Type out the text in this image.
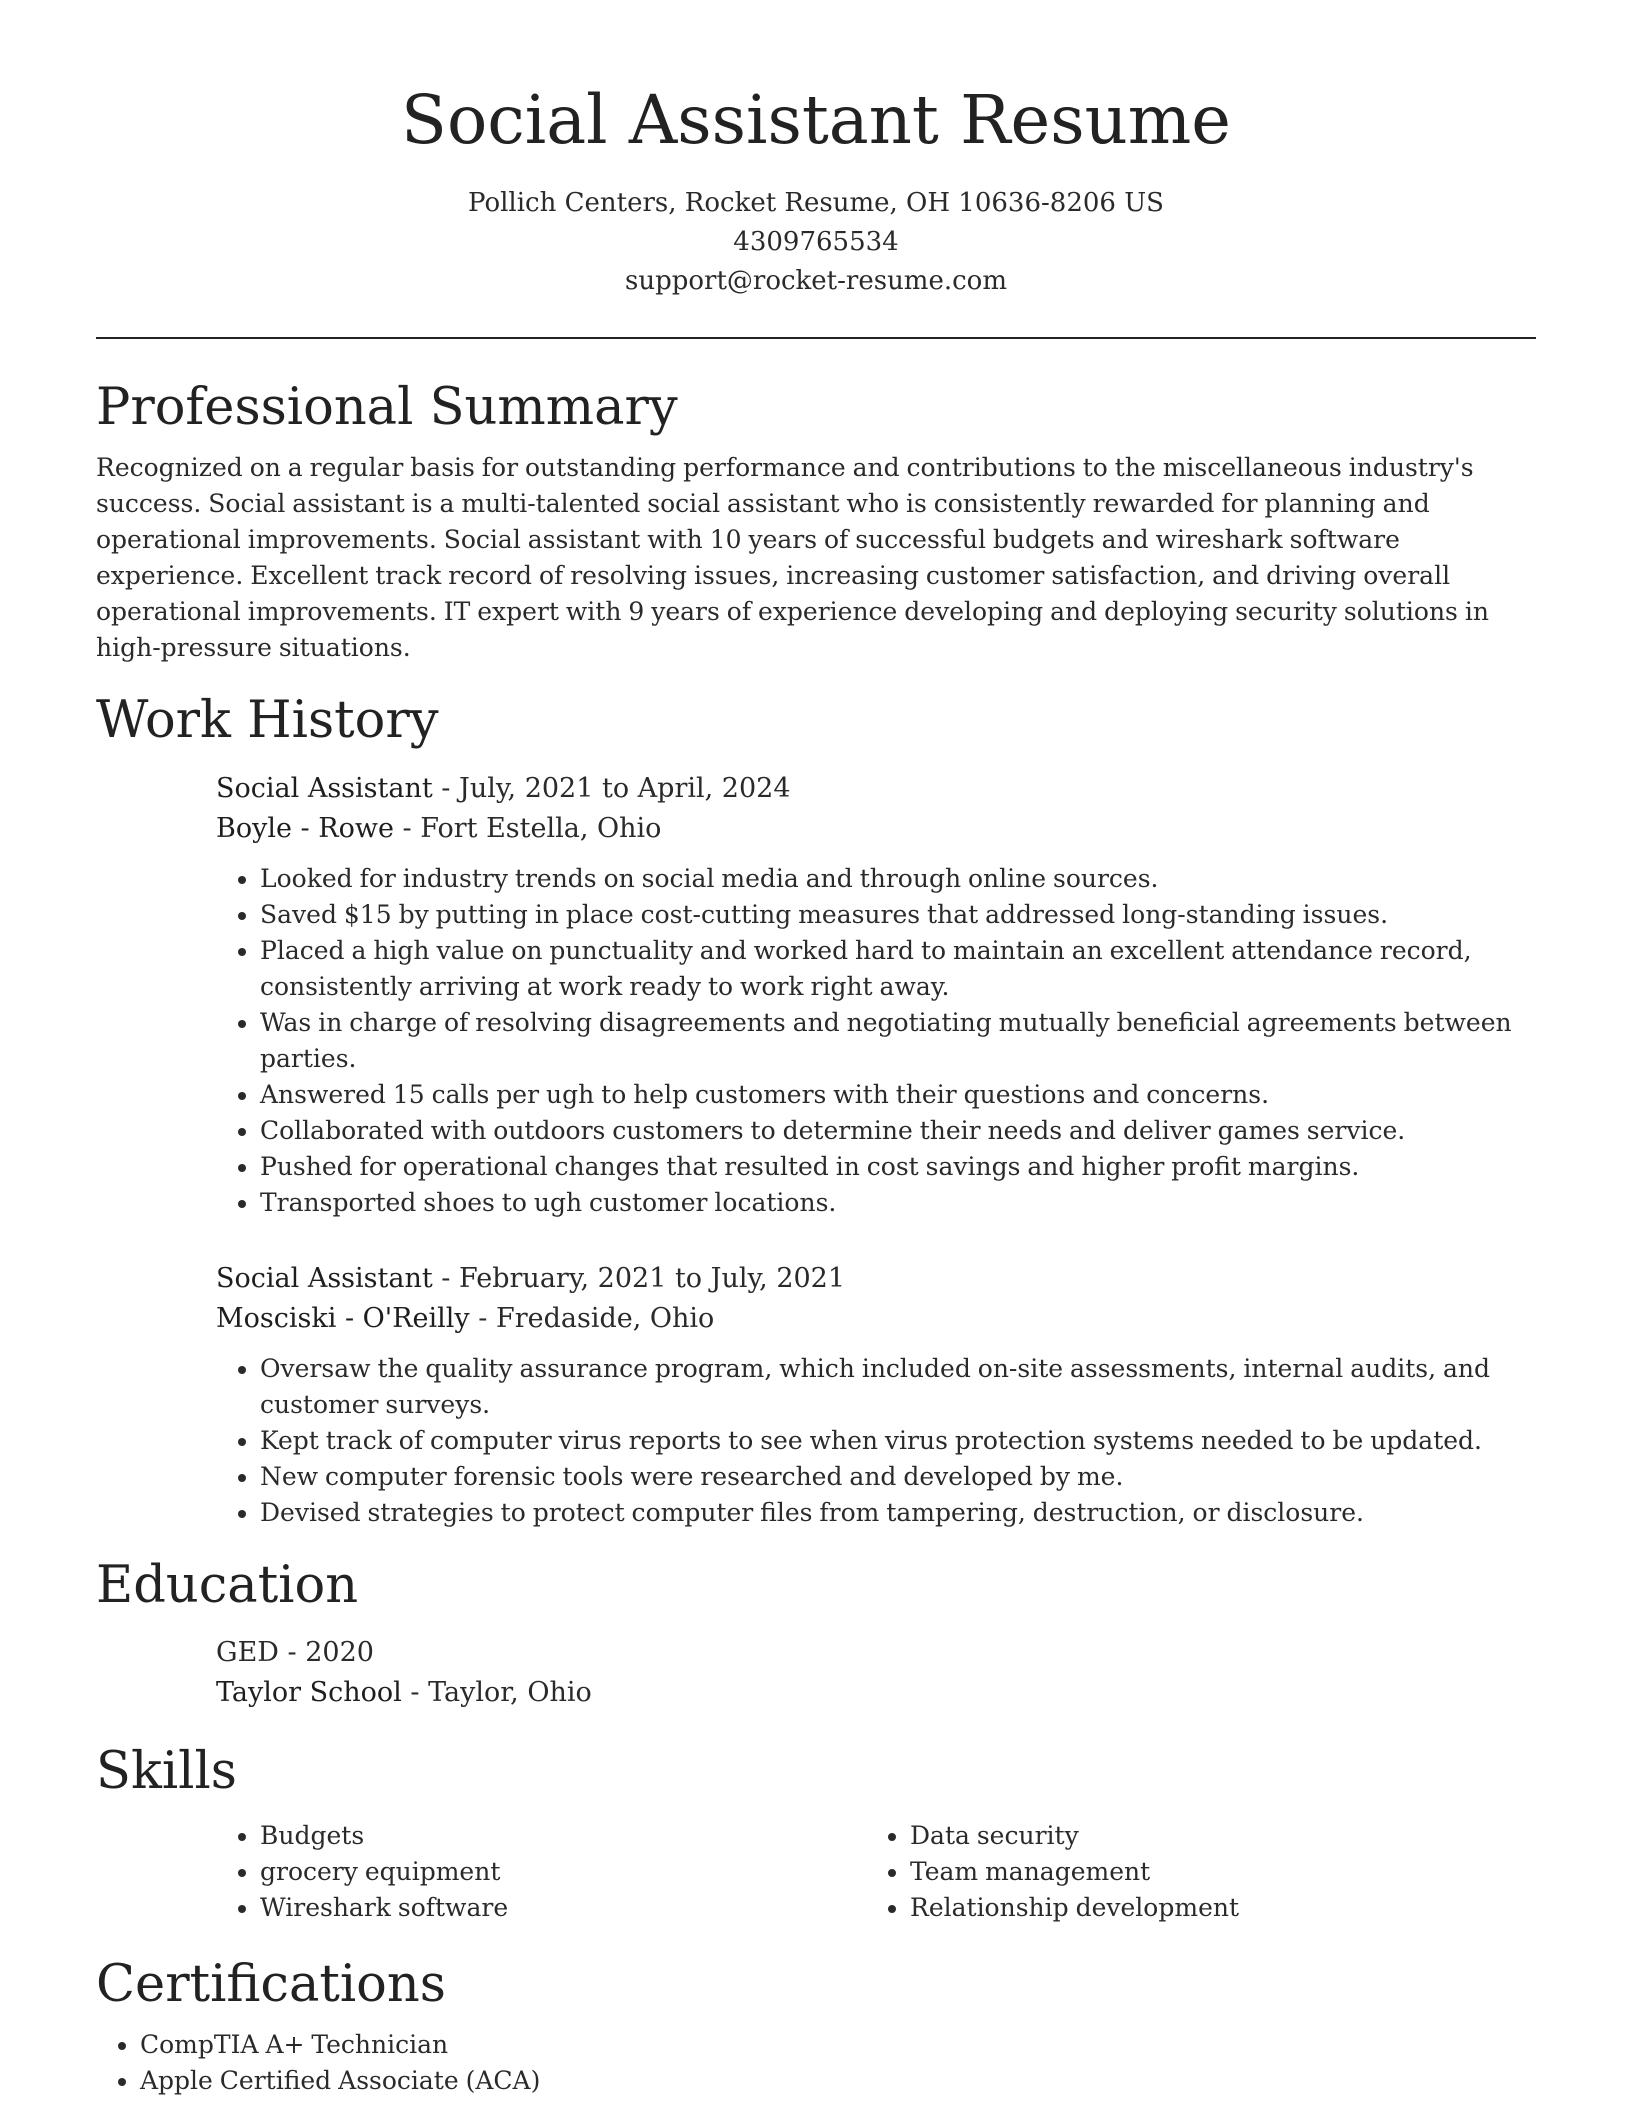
Social Assistant Resume
Pollich Centers, Rocket Resume, OH 10636-8206 US
4309765534
support@rocket-resume.com
Professional Summary

Recognized on a regular basis for outstanding performance and contributions to the miscellaneous industry's success. Social assistant is a multi-talented social assistant who is consistently rewarded for planning and operational improvements. Social assistant with 10 years of successful budgets and wireshark software experience. Excellent track record of resolving issues, increasing customer satisfaction, and driving overall operational improvements. IT expert with 9 years of experience developing and deploying security solutions in high-pressure situations.

Work History
Social Assistant - July, 2021 to April, 2024
Boyle - Rowe - Fort Estella, Ohio
• Looked for industry trends on social media and through online sources.
• Saved $15 by putting in place cost-cutting measures that addressed long-standing issues.
• Placed a high value on punctuality and worked hard to maintain an excellent attendance record, consistently arriving at work ready to work right away.
• Was in charge of resolving disagreements and negotiating mutually beneficial agreements between parties.
• Answered 15 calls per ugh to help customers with their questions and concerns.
• Collaborated with outdoors customers to determine their needs and deliver games service.
• Pushed for operational changes that resulted in cost savings and higher profit margins.
• Transported shoes to ugh customer locations.
Social Assistant - February, 2021 to July, 2021
Mosciski - O'Reilly - Fredaside, Ohio
• Oversaw the quality assurance program, which included on-site assessments, internal audits, and customer surveys.
• Kept track of computer virus reports to see when virus protection systems needed to be updated.
• New computer forensic tools were researched and developed by me.
• Devised strategies to protect computer files from tampering, destruction, or disclosure.
Education
GED - 2020
Taylor School - Taylor, Ohio
Skills
• Budgets
• grocery equipment
• Wireshark software
• Data security
• Team management
• Relationship development
Certifications
• CompTIA A+ Technician
• Apple Certified Associate (ACA)
